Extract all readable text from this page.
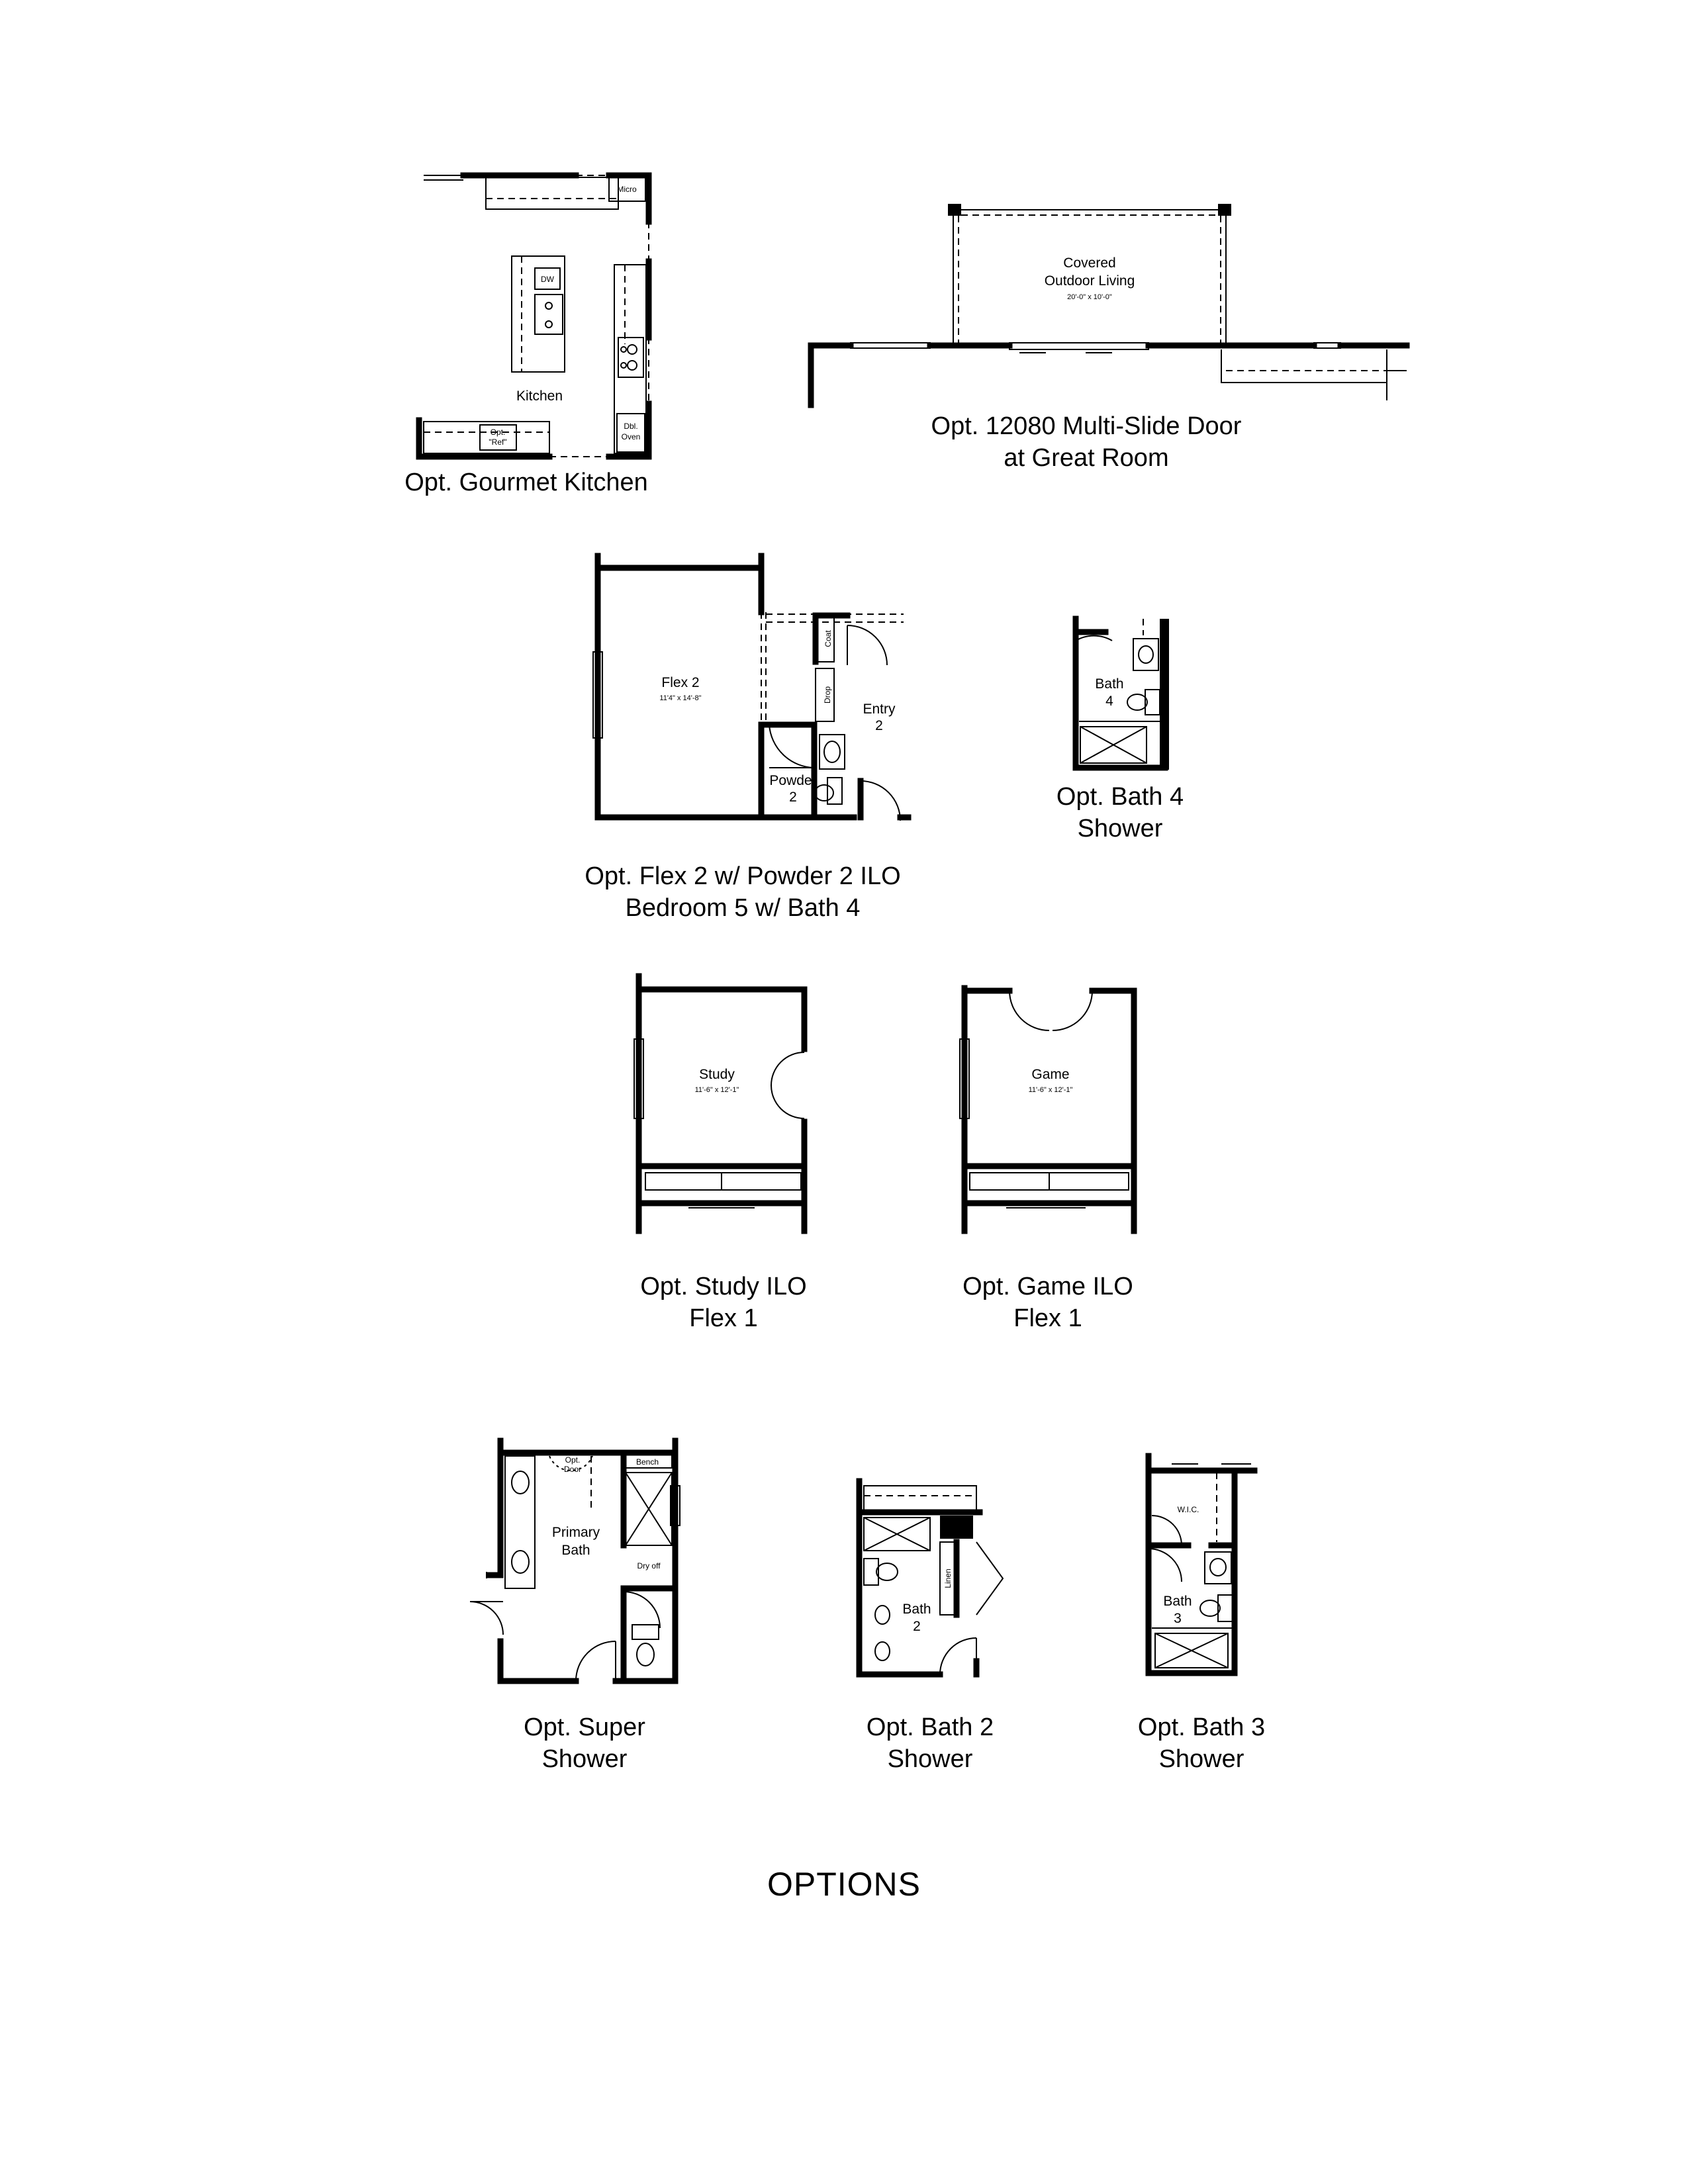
Micro
Dbl.
Oven
DW
Kitchen
Opt.
"Ref"
Covered
Outdoor Living
20'-0" x 10'-0"
Flex 2
11'4" x 14'-8"
Powder
2
Coat
Drop
Entry
2
Bath
4
Study
11'-6" x 12'-1"
Game
11'-6" x 12'-1"
Opt.
Door
Primary
Bath
Bench
Dry off
Linen
Bath
2
W.I.C.
Bath
3
Opt. Gourmet Kitchen
Opt. 12080 Multi-Slide Door
at Great Room
Opt. Flex 2 w/ Powder 2 ILO
Bedroom 5 w/ Bath 4
Opt. Bath 4
Shower
Opt. Study ILO
Flex 1
Opt. Game ILO
Flex 1
Opt. Super
Shower
Opt. Bath 2
Shower
Opt. Bath 3
Shower
OPTIONS
